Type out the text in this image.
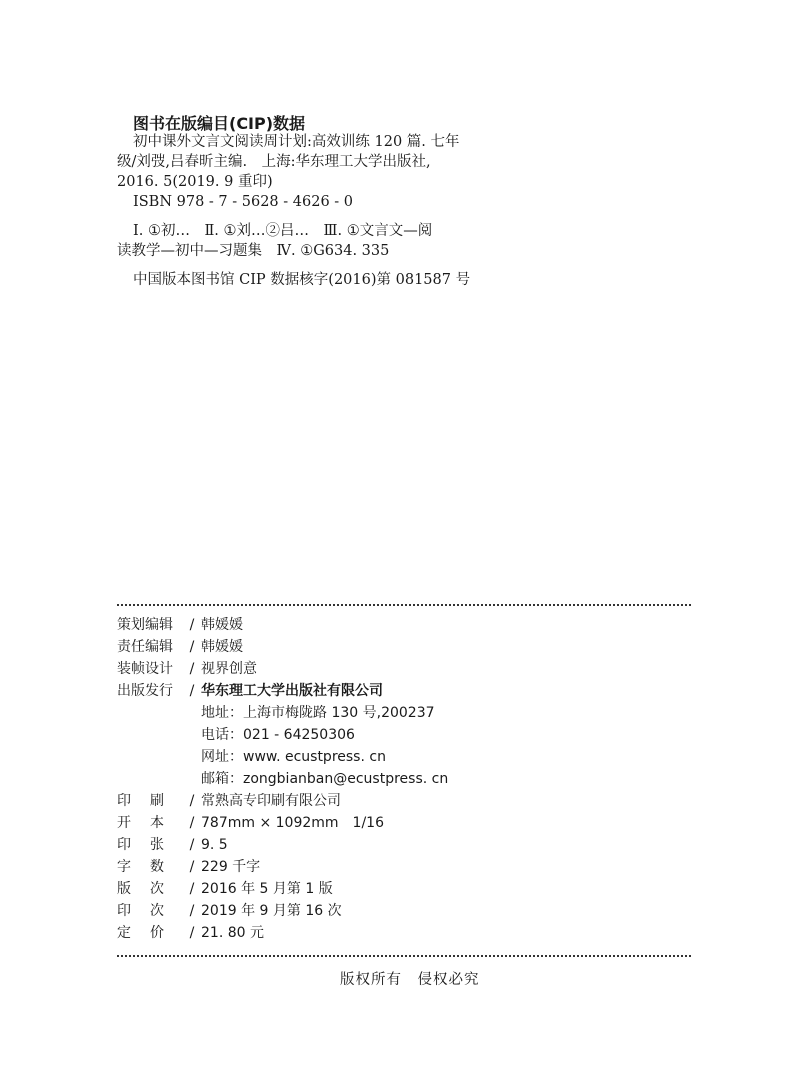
图书在版编目(CIP)数据

初中课外文言文阅读周计划:高效训练 120 篇. 七年

级/刘弢,吕春昕主编.　上海:华东理工大学出版社,

2016. 5(2019. 9 重印)

ISBN 978 - 7 - 5628 - 4626 - 0

Ⅰ. ①初…　Ⅱ. ①刘…②吕…　Ⅲ. ①文言文—阅

读教学—初中—习题集　Ⅳ. ①G634. 335

中国版本图书馆 CIP 数据核字(2016)第 081587 号

策划编辑 / 韩媛媛
责任编辑 / 韩媛媛
装帧设计 / 视界创意
出版发行 / 华东理工大学出版社有限公司
地址：上海市梅陇路 130 号,200237
电话：021 - 64250306
网址：www. ecustpress. cn
邮箱：zongbianban@ecustpress. cn
印 刷 / 常熟高专印刷有限公司
开 本 / 787mm × 1092mm　1/16
印 张 / 9. 5
字 数 / 229 千字
版 次 / 2016 年 5 月第 1 版
印 次 / 2019 年 9 月第 16 次
定 价 / 21. 80 元
版权所有　侵权必究
